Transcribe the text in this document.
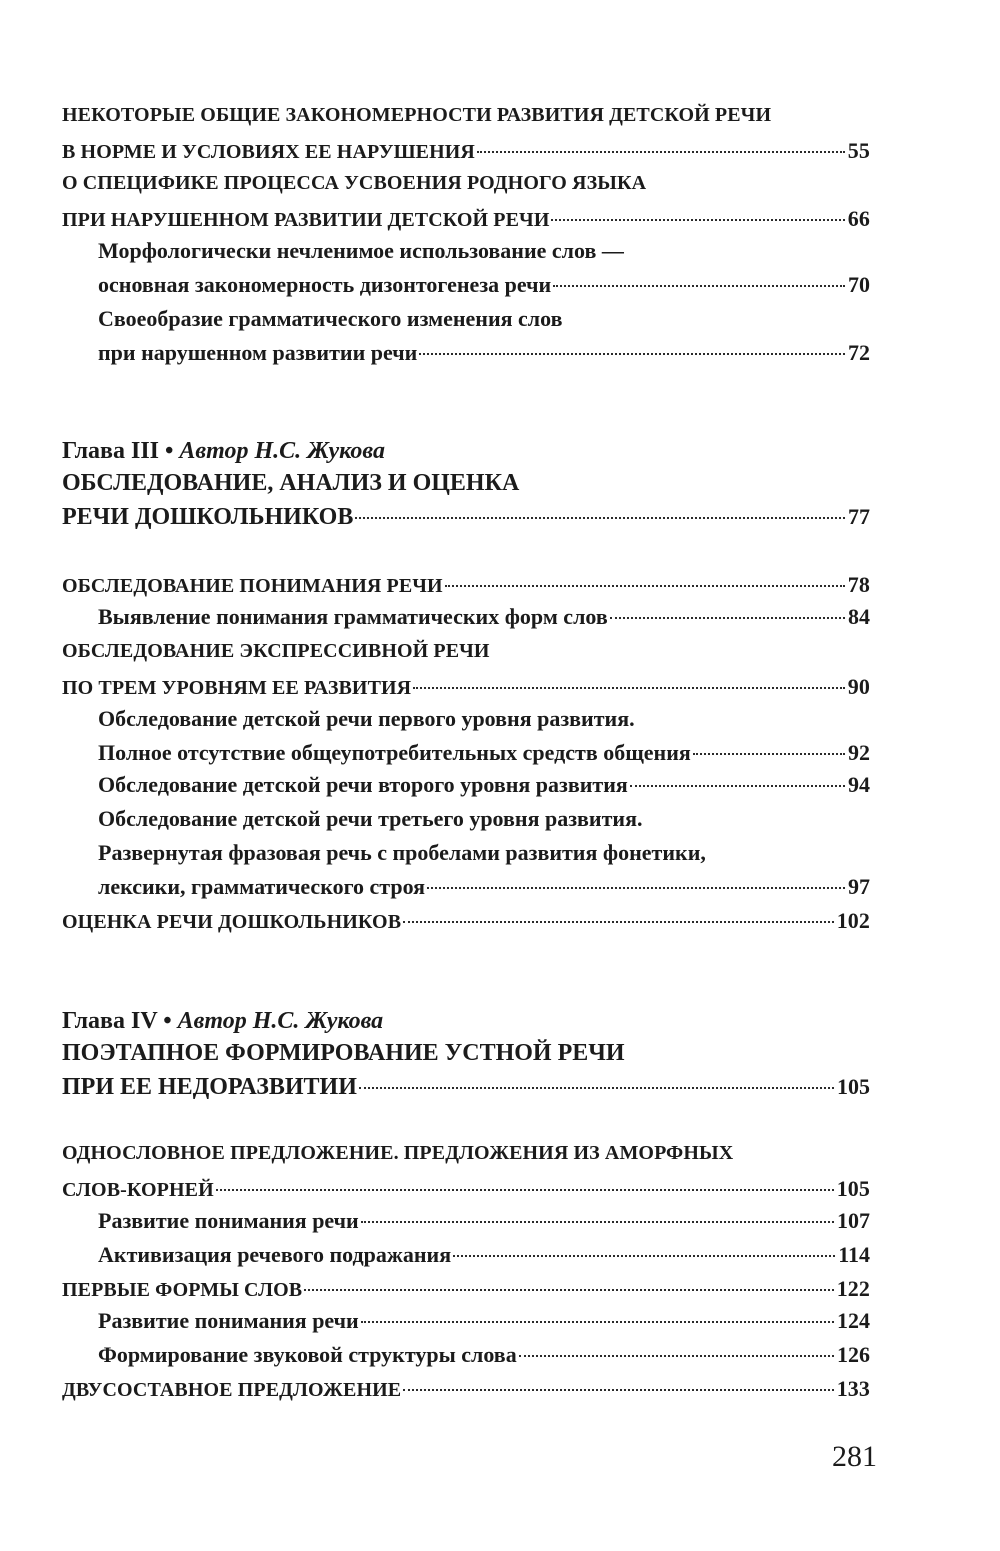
НЕКОТОРЫЕ ОБЩИЕ ЗАКОНОМЕРНОСТИ РАЗВИТИЯ ДЕТСКОЙ РЕЧИ
В НОРМЕ И УСЛОВИЯХ ЕЕ НАРУШЕНИЯ	55
О СПЕЦИФИКЕ ПРОЦЕССА УСВОЕНИЯ РОДНОГО ЯЗЫКА
ПРИ НАРУШЕННОМ РАЗВИТИИ ДЕТСКОЙ РЕЧИ	66
Морфологически нечленимое использование слов —
основная закономерность дизонтогенеза речи	70
Своеобразие грамматического изменения слов
при нарушенном развитии речи	72
Глава III • Автор Н.С. Жукова
ОБСЛЕДОВАНИЕ, АНАЛИЗ И ОЦЕНКА
РЕЧИ ДОШКОЛЬНИКОВ	77
ОБСЛЕДОВАНИЕ ПОНИМАНИЯ РЕЧИ	78
Выявление понимания грамматических форм слов	84
ОБСЛЕДОВАНИЕ ЭКСПРЕССИВНОЙ РЕЧИ
ПО ТРЕМ УРОВНЯМ ЕЕ РАЗВИТИЯ	90
Обследование детской речи первого уровня развития.
Полное отсутствие общеупотребительных средств общения	92
Обследование детской речи второго уровня развития	94
Обследование детской речи третьего уровня развития.
Развернутая фразовая речь с пробелами развития фонетики,
лексики, грамматического строя	97
ОЦЕНКА РЕЧИ ДОШКОЛЬНИКОВ	102
Глава IV • Автор Н.С. Жукова
ПОЭТАПНОЕ ФОРМИРОВАНИЕ УСТНОЙ РЕЧИ
ПРИ ЕЕ НЕДОРАЗВИТИИ	105
ОДНОСЛОВНОЕ ПРЕДЛОЖЕНИЕ. ПРЕДЛОЖЕНИЯ ИЗ АМОРФНЫХ
СЛОВ-КОРНЕЙ	105
Развитие понимания речи	107
Активизация речевого подражания	114
ПЕРВЫЕ ФОРМЫ СЛОВ	122
Развитие понимания речи	124
Формирование звуковой структуры слова	126
ДВУСОСТАВНОЕ ПРЕДЛОЖЕНИЕ	133
281
